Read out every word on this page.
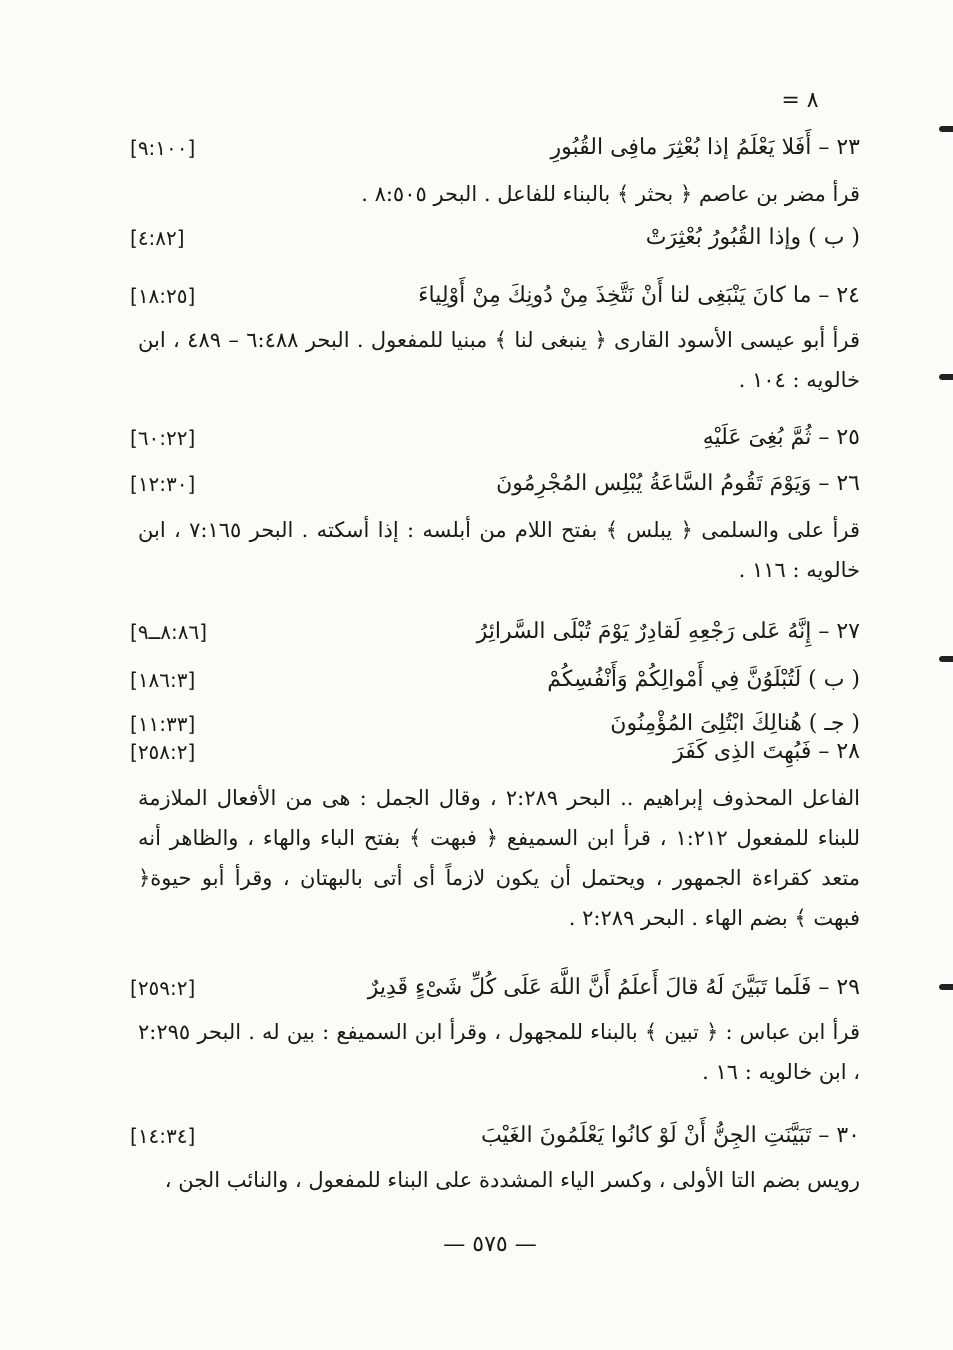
٨ =
٢٣ – أَفَلا يَعْلَمُ إذا بُعْثِرَ مافِى القُبُورِ
[٩:١٠٠]
قرأ مضر بن عاصم ﴿ بحثر ﴾ بالبناء للفاعل . البحر ٨:٥٠٥ .
( ب ) وإذا القُبُورُ بُعْثِرَتْ
[٤:٨٢]
٢٤ – ما كانَ يَنْبَغِى لنا أَنْ نَتَّخِذَ مِنْ دُونِكَ مِنْ أَوْلِياءَ
[١٨:٢٥]
قرأ أبو عيسى الأسود القارى ﴿ ينبغى لنا ﴾ مبنيا للمفعول . البحر ٦:٤٨٨ – ٤٨٩ ، ابن خالويه : ١٠٤ .
٢٥ – ثُمَّ بُغِىَ عَلَيْهِ
[٦٠:٢٢]
٢٦ – وَيَوْمَ تَقُومُ السَّاعَةُ يُبْلِس المُجْرِمُونَ
[١٢:٣٠]
قرأ على والسلمى ﴿ يبلس ﴾ بفتح اللام من أبلسه : إذا أسكته . البحر ٧:١٦٥ ، ابن خالويه : ١١٦ .
٢٧ – إِنَّهُ عَلى رَجْعِهِ لَقادِرٌ يَوْمَ تُبْلَى السَّرائِرُ
[٨:٨٦ــ٩]
( ب ) لَتُبْلَوُنَّ فِي أَمْوالِكُمْ وَأَنْفُسِكُمْ
[١٨٦:٣]
( جـ ) هُنالِكَ ابْتُلِىَ المُؤْمِنُونَ
[١١:٣٣]
٢٨ – فَبُهِتَ الذِى كَفَرَ
[٢٥٨:٢]
الفاعل المحذوف إبراهيم .. البحر ٢:٢٨٩ ، وقال الجمل : هى من الأفعال الملازمة للبناء للمفعول ١:٢١٢ ، قرأ ابن السميفع ﴿ فبهت ﴾ بفتح الباء والهاء ، والظاهر أنه متعد كقراءة الجمهور ، ويحتمل أن يكون لازماً أى أتى بالبهتان ، وقرأ أبو حيوة﴿ فبهت ﴾ بضم الهاء . البحر ٢:٢٨٩ .
٢٩ – فَلَما تَبَيَّنَ لَهُ قالَ أَعلَمُ أَنَّ اللَّهَ عَلَى كُلِّ شَىْءٍ قَدِيرٌ
[٢٥٩:٢]
قرأ ابن عباس : ﴿ تبين ﴾ بالبناء للمجهول ، وقرأ ابن السميفع : بين له . البحر ٢:٢٩٥ ، ابن خالويه : ١٦ .
٣٠ – تَبَيَّنَتِ الجِنُّ أَنْ لَوْ كانُوا يَعْلَمُونَ الغَيْبَ
[١٤:٣٤]
رويس بضم التا الأولى ، وكسر الياء المشددة على البناء للمفعول ، والنائب الجن ،
— ٥٧٥ —
